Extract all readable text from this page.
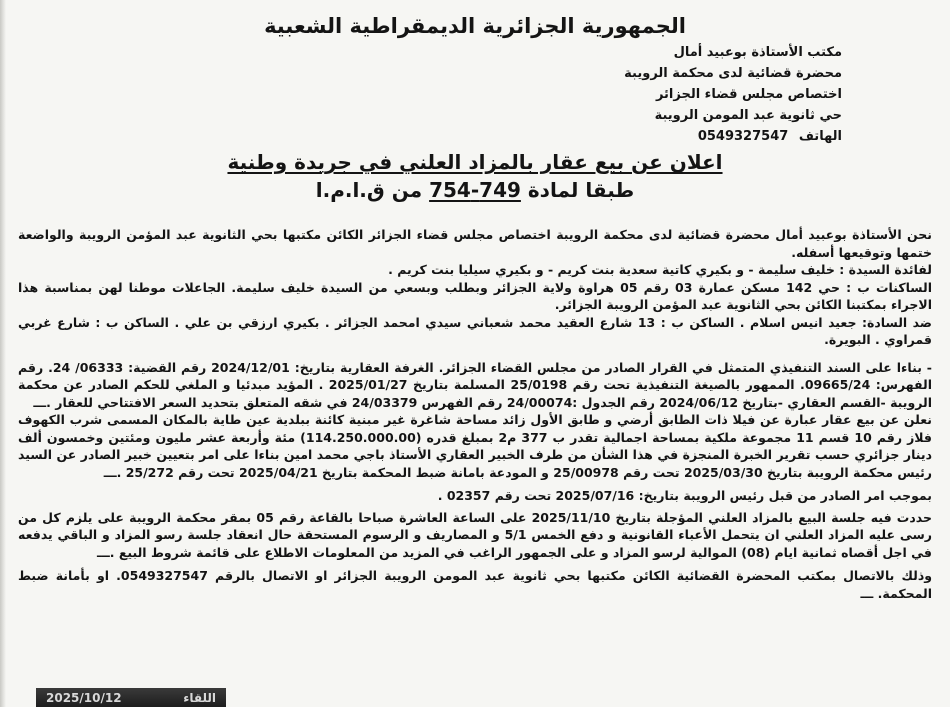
الجمهورية الجزائرية الديمقراطية الشعبية
مكتب الأستاذة بوعبيد أمال
محضرة قضائية لدى محكمة الرويبة
اختصاص مجلس قضاء الجزائر
حي ثانوية عبد المومن الرويبة
الهاتف 0549327547
اعلان عن بيع عقار بالمزاد العلني في جريدة وطنية
طبقا لمادة 749-754 من ق.ا.م.ا

نحن الأستاذة بوعبيد أمال محضرة قضائية لدى محكمة الرويبة اختصاص مجلس قضاء الجزائر الكائن مكتبها بحي الثانوية عبد المؤمن الرويبة والواضعة ختمها وتوقيعها أسفله.

لفائدة السيدة : خليف سليمة - و بكيري كاتية سعدية بنت كريم - و بكيري سيليا بنت كريم .

الساكنات ب : حي 142 مسكن عمارة 03 رقم 05 هراوة ولاية الجزائر وبطلب وبسعي من السيدة خليف سليمة. الجاعلات موطنا لهن بمناسبة هذا الاجراء بمكتبنا الكائن بحي الثانوية عبد المؤمن الرويبة الجزائر.

ضد السادة: جعيد انيس اسلام . الساكن ب : 13 شارع العقيد محمد شعباني سيدي امحمد الجزائر . بكيري ارزقي بن علي . الساكن ب : شارع غربي قمراوي . البويرة.

- بناءا على السند التنفيذي المتمثل في القرار الصادر من مجلس القضاء الجزائر. الغرفة العقارية بتاريخ: 2024/12/01 رقم القضية: 06333/ 24. رقم الفهرس: 09665/24. الممهور بالصيغة التنفيذية تحت رقم 25/0198 المسلمة بتاريخ 2025/01/27 . المؤيد مبدئيا و الملغي للحكم الصادر عن محكمة الرويبة -القسم العقاري -بتاريخ 2024/06/12 رقم الجدول :24/00074 رقم الفهرس 24/03379 في شقه المتعلق بتحديد السعر الافتتاحي للعقار .ـــ

نعلن عن بيع عقار عبارة عن فيلا ذات الطابق أرضي و طابق الأول زائد مساحة شاغرة غير مبنية كائنة ببلدية عين طاية بالمكان المسمى شرب الكهوف فلاز رقم 10 قسم 11 مجموعة ملكية بمساحة اجمالية تقدر ب 377 م2 بمبلغ قدره (114.250.000.00) مئة وأربعة عشر مليون ومئتين وخمسون ألف دينار جزائري حسب تقرير الخبرة المنجزة في هذا الشأن من طرف الخبير العقاري الأستاذ باجي محمد امين بناءا على امر بتعيين خبير الصادر عن السيد رئيس محكمة الرويبة بتاريخ 2025/03/30 تحت رقم 25/00978 و المودعة بامانة ضبط المحكمة بتاريخ 2025/04/21 تحت رقم 25/272 .ـــ

بموجب امر الصادر من قبل رئيس الرويبة بتاريخ: 2025/07/16 تحت رقم 02357 .

حددت فيه جلسة البيع بالمزاد العلني المؤجلة بتاريخ 2025/11/10 على الساعة العاشرة صباحا بالقاعة رقم 05 بمقر محكمة الرويبة على يلزم كل من رسى عليه المزاد العلني ان يتحمل الأعباء القانونية و دفع الخمس 5/1 و المصاريف و الرسوم المستحقة حال انعقاد جلسة رسو المزاد و الباقي يدفعه في اجل أقصاه ثمانية ايام (08) الموالية لرسو المزاد و على الجمهور الراغب في المزيد من المعلومات الاطلاع على قائمة شروط البيع .ـــ

وذلك بالاتصال بمكتب المحضرة القضائية الكائن مكتبها بحي ثانوية عبد المومن الرويبة الجزائر او الاتصال بالرقم 0549327547. او بأمانة ضبط المحكمة. ـــ

اللقاء
2025/10/12
